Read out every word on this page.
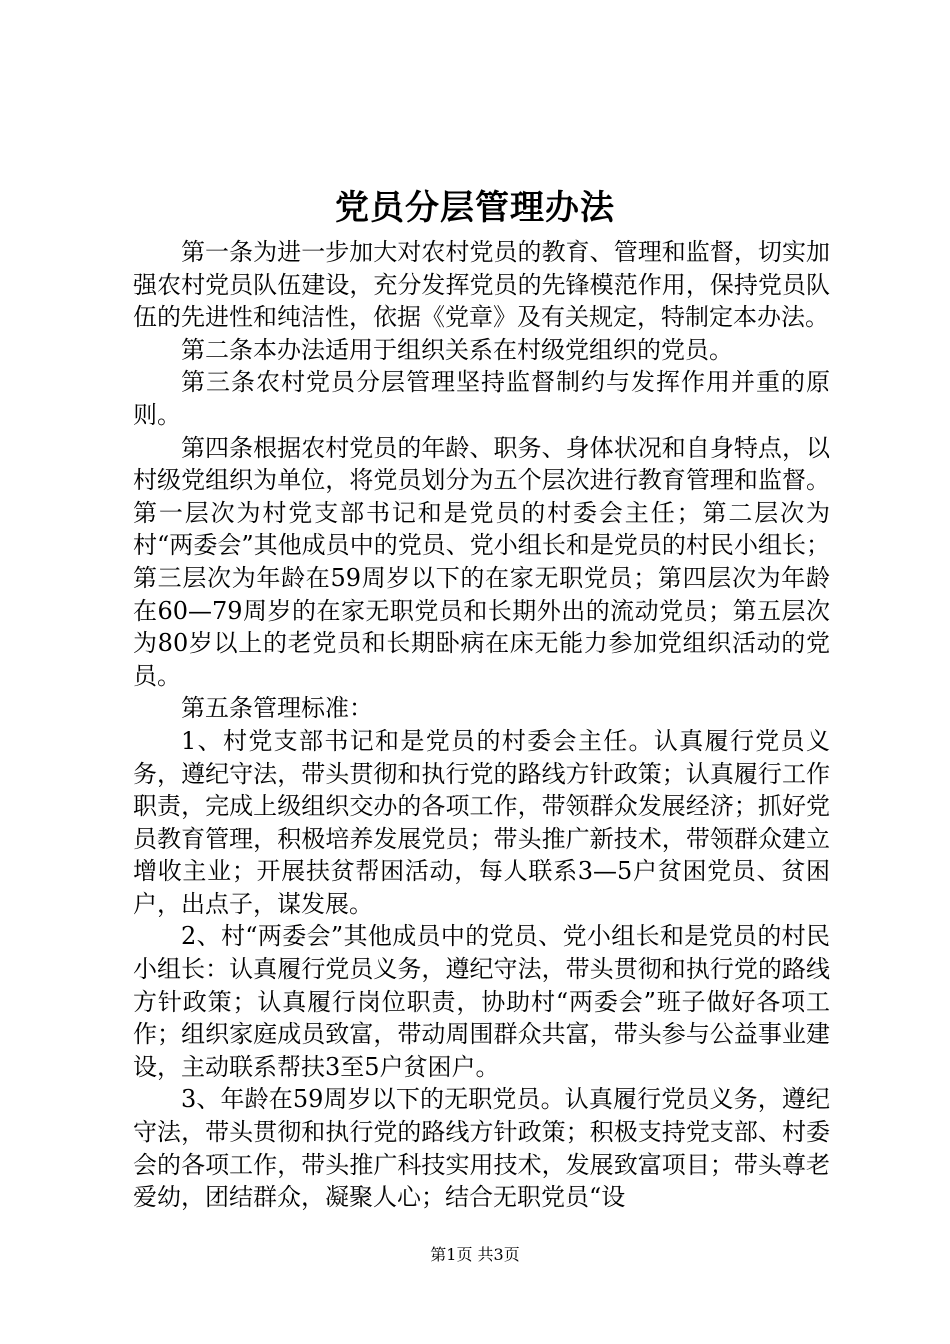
党员分层管理办法

第一条为进一步加大对农村党员的教育、管理和监督，切实加强农村党员队伍建设，充分发挥党员的先锋模范作用，保持党员队伍的先进性和纯洁性，依据《党章》及有关规定，特制定本办法。

第二条本办法适用于组织关系在村级党组织的党员。

第三条农村党员分层管理坚持监督制约与发挥作用并重的原则。

第四条根据农村党员的年龄、职务、身体状况和自身特点，以村级党组织为单位，将党员划分为五个层次进行教育管理和监督。第一层次为村党支部书记和是党员的村委会主任；第二层次为村“两委会”其他成员中的党员、党小组长和是党员的村民小组长；第三层次为年龄在59周岁以下的在家无职党员；第四层次为年龄在60—79周岁的在家无职党员和长期外出的流动党员；第五层次为80岁以上的老党员和长期卧病在床无能力参加党组织活动的党员。

第五条管理标准：

1、村党支部书记和是党员的村委会主任。认真履行党员义务，遵纪守法，带头贯彻和执行党的路线方针政策；认真履行工作职责，完成上级组织交办的各项工作，带领群众发展经济；抓好党员教育管理，积极培养发展党员；带头推广新技术，带领群众建立增收主业；开展扶贫帮困活动，每人联系3—5户贫困党员、贫困户，出点子，谋发展。

2、村“两委会”其他成员中的党员、党小组长和是党员的村民小组长：认真履行党员义务，遵纪守法，带头贯彻和执行党的路线方针政策；认真履行岗位职责，协助村“两委会”班子做好各项工作；组织家庭成员致富，带动周围群众共富，带头参与公益事业建设，主动联系帮扶3至5户贫困户。

3、年龄在59周岁以下的无职党员。认真履行党员义务，遵纪守法，带头贯彻和执行党的路线方针政策；积极支持党支部、村委会的各项工作，带头推广科技实用技术，发展致富项目；带头尊老爱幼，团结群众，凝聚人心；结合无职党员“设

第1页 共3页
